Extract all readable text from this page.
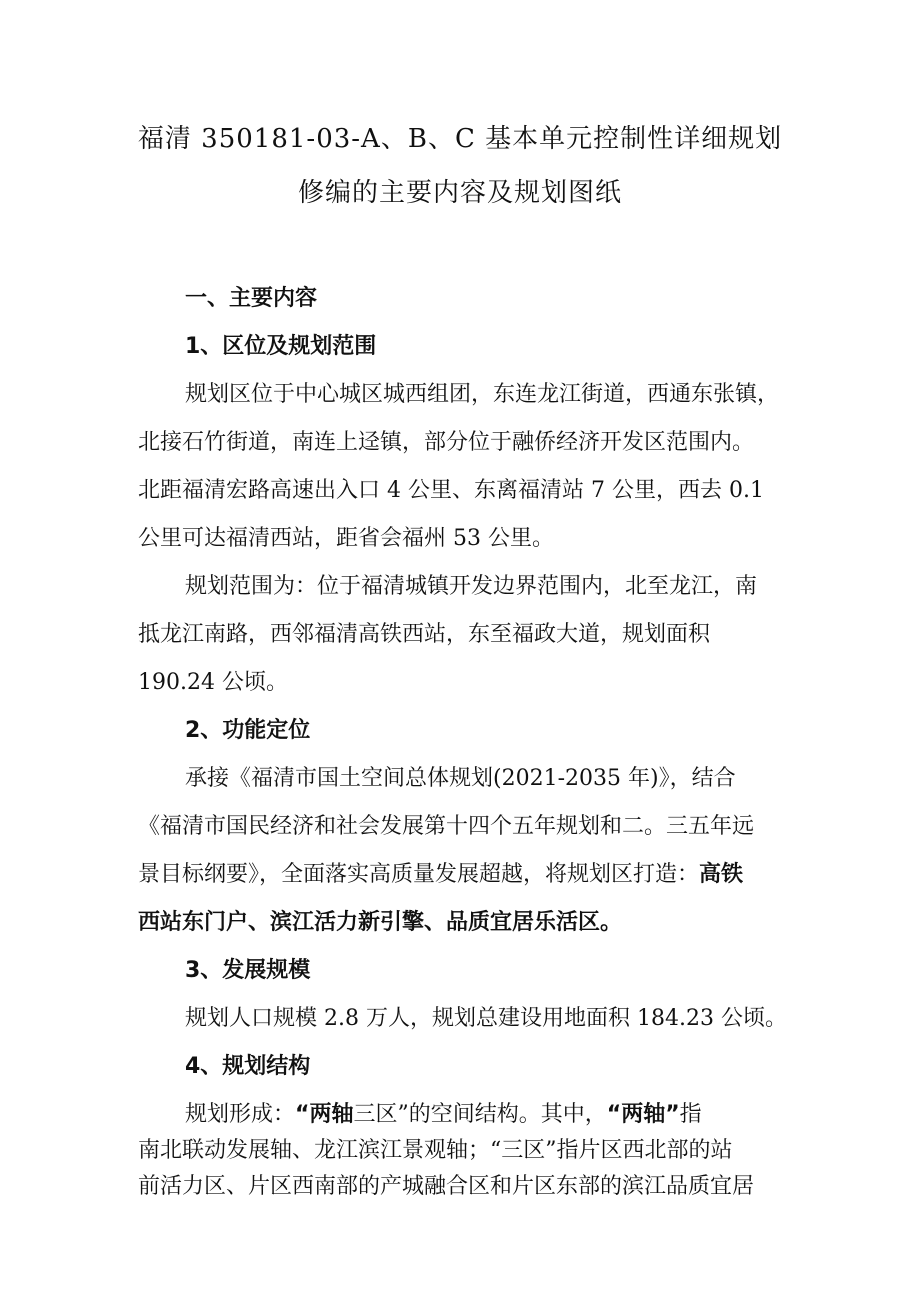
福清 350181-03-A、B、C 基本单元控制性详细规划
修编的主要内容及规划图纸
一、主要内容
1、区位及规划范围
规划区位于中心城区城西组团，东连龙江街道，西通东张镇，
北接石竹街道，南连上迳镇，部分位于融侨经济开发区范围内。
北距福清宏路高速出入口 4 公里、东离福清站 7 公里，西去 0.1
公里可达福清西站，距省会福州 53 公里。
规划范围为：位于福清城镇开发边界范围内，北至龙江，南
抵龙江南路，西邻福清高铁西站，东至福政大道，规划面积
190.24 公顷。
2、功能定位
承接《福清市国土空间总体规划(2021-2035 年)》，结合
《福清市国民经济和社会发展第十四个五年规划和二。三五年远
景目标纲要》，全面落实高质量发展超越，将规划区打造：高铁
西站东门户、滨江活力新引擎、品质宜居乐活区。
3、发展规模
规划人口规模 2.8 万人，规划总建设用地面积 184.23 公顷。
4、规划结构
规划形成：“两轴三区”的空间结构。其中，“两轴”指
南北联动发展轴、龙江滨江景观轴；“三区”指片区西北部的站
前活力区、片区西南部的产城融合区和片区东部的滨江品质宜居
